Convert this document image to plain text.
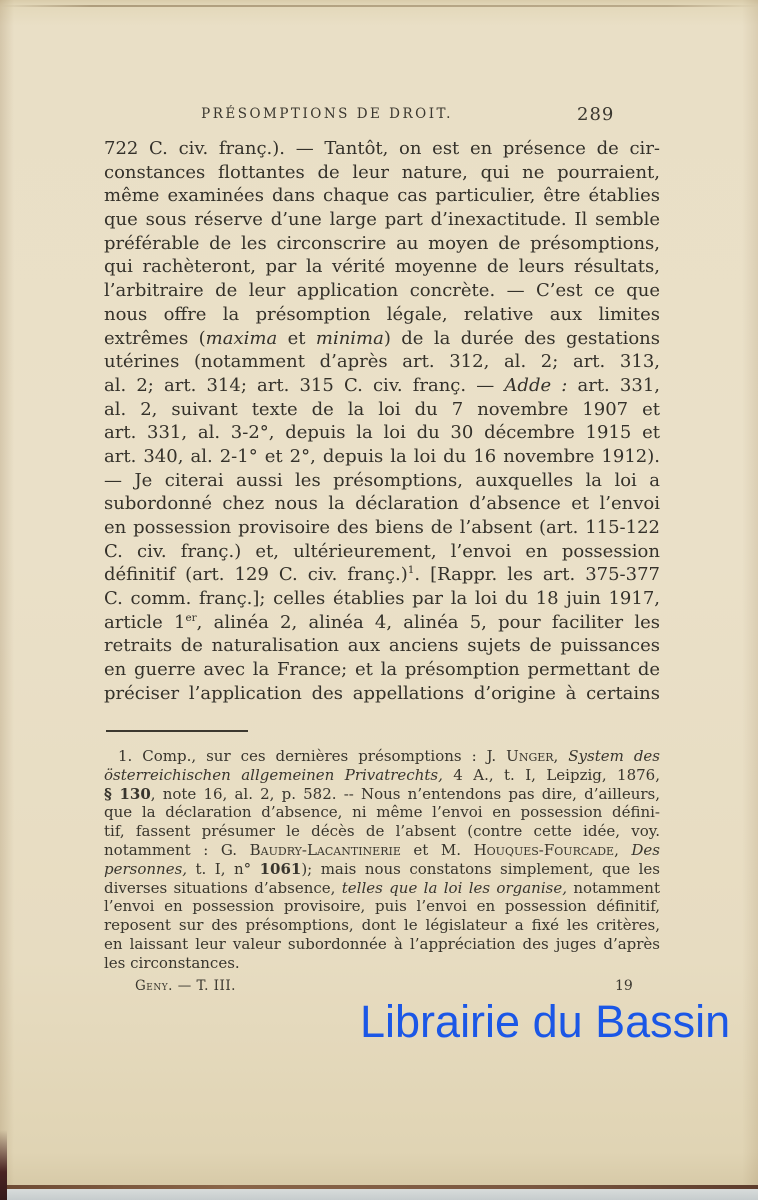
PRÉSOMPTIONS DE DROIT.	289
722 C. civ. franç.). — Tantôt, on est en présence de cir-
constances flottantes de leur nature, qui ne pourraient,
même examinées dans chaque cas particulier, être établies
que sous réserve d’une large part d’inexactitude. Il semble
préférable de les circonscrire au moyen de présomptions,
qui rachèteront, par la vérité moyenne de leurs résultats,
l’arbitraire de leur application concrète. — C’est ce que
nous offre la présomption légale, relative aux limites
extrêmes (maxima et minima) de la durée des gestations
utérines (notamment d’après art. 312, al. 2; art. 313,
al. 2; art. 314; art. 315 C. civ. franç. — Adde : art. 331,
al. 2, suivant texte de la loi du 7 novembre 1907 et
art. 331, al. 3-2°, depuis la loi du 30 décembre 1915 et
art. 340, al. 2-1° et 2°, depuis la loi du 16 novembre 1912).
— Je citerai aussi les présomptions, auxquelles la loi a
subordonné chez nous la déclaration d’absence et l’envoi
en possession provisoire des biens de l’absent (art. 115-122
C. civ. franç.) et, ultérieurement, l’envoi en possession
définitif (art. 129 C. civ. franç.)$^1$. [Rappr. les art. 375-377
C. comm. franç.]; celles établies par la loi du 18 juin 1917,
article 1er, alinéa 2, alinéa 4, alinéa 5, pour faciliter les
retraits de naturalisation aux anciens sujets de puissances
en guerre avec la France; et la présomption permettant de
préciser l’application des appellations d’origine à certains
1. Comp., sur ces dernières présomptions : J. Unger, System des
österreichischen allgemeinen Privatrechts, 4 A., t. I, Leipzig, 1876,
§ 130, note 16, al. 2, p. 582. -- Nous n’entendons pas dire, d’ailleurs,
que la déclaration d’absence, ni même l’envoi en possession défini-
tif, fassent présumer le décès de l’absent (contre cette idée, voy.
notamment : G. Baudry-Lacantinerie et M. Houques-Fourcade, Des
personnes, t. I, n° 1061); mais nous constatons simplement, que les
diverses situations d’absence, telles que la loi les organise, notamment
l’envoi en possession provisoire, puis l’envoi en possession définitif,
reposent sur des présomptions, dont le législateur a fixé les critères,
en laissant leur valeur subordonnée à l’appréciation des juges d’après
les circonstances.
Geny. — T. III.	19
Librairie du Bassin
